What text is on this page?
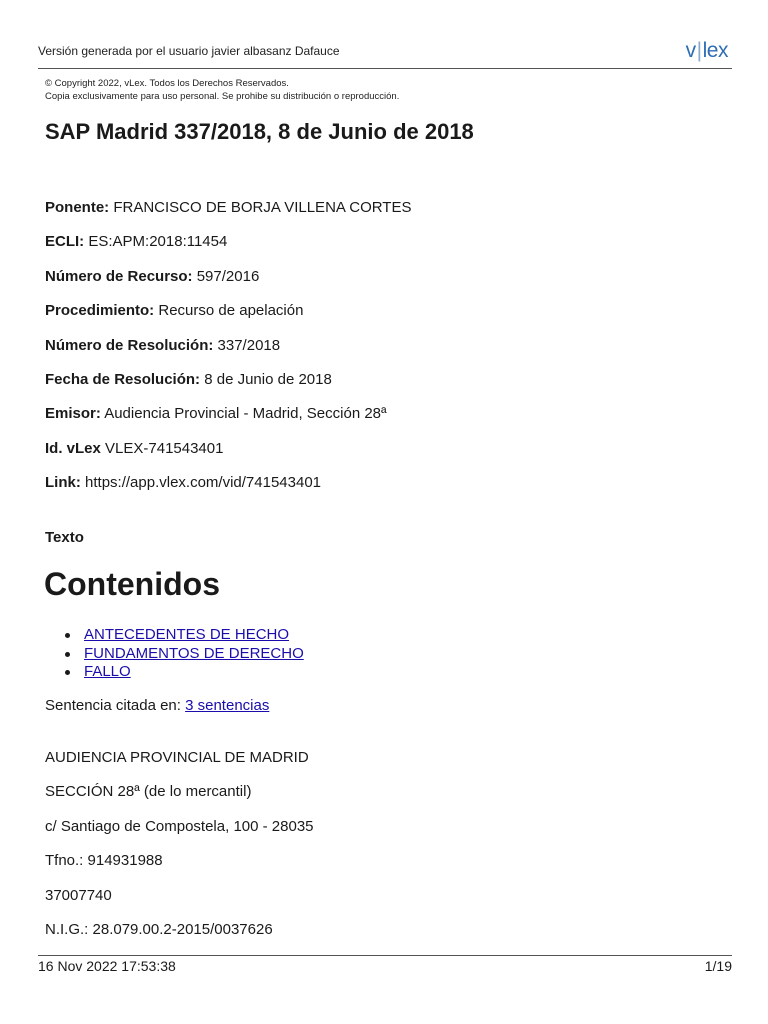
Versión generada por el usuario javier albasanz Dafauce	v|lex
© Copyright 2022, vLex. Todos los Derechos Reservados.
Copia exclusivamente para uso personal. Se prohibe su distribución o reproducción.
SAP Madrid 337/2018, 8 de Junio de 2018
Ponente: FRANCISCO DE BORJA VILLENA CORTES
ECLI: ES:APM:2018:11454
Número de Recurso: 597/2016
Procedimiento: Recurso de apelación
Número de Resolución: 337/2018
Fecha de Resolución: 8 de Junio de 2018
Emisor: Audiencia Provincial - Madrid, Sección 28ª
Id. vLex VLEX-741543401
Link: https://app.vlex.com/vid/741543401
Texto
Contenidos
ANTECEDENTES DE HECHO
FUNDAMENTOS DE DERECHO
FALLO
Sentencia citada en: 3 sentencias
AUDIENCIA PROVINCIAL DE MADRID
SECCIÓN 28ª (de lo mercantil)
c/ Santiago de Compostela, 100 - 28035
Tfno.: 914931988
37007740
N.I.G.: 28.079.00.2-2015/0037626
16 Nov 2022 17:53:38	1/19
